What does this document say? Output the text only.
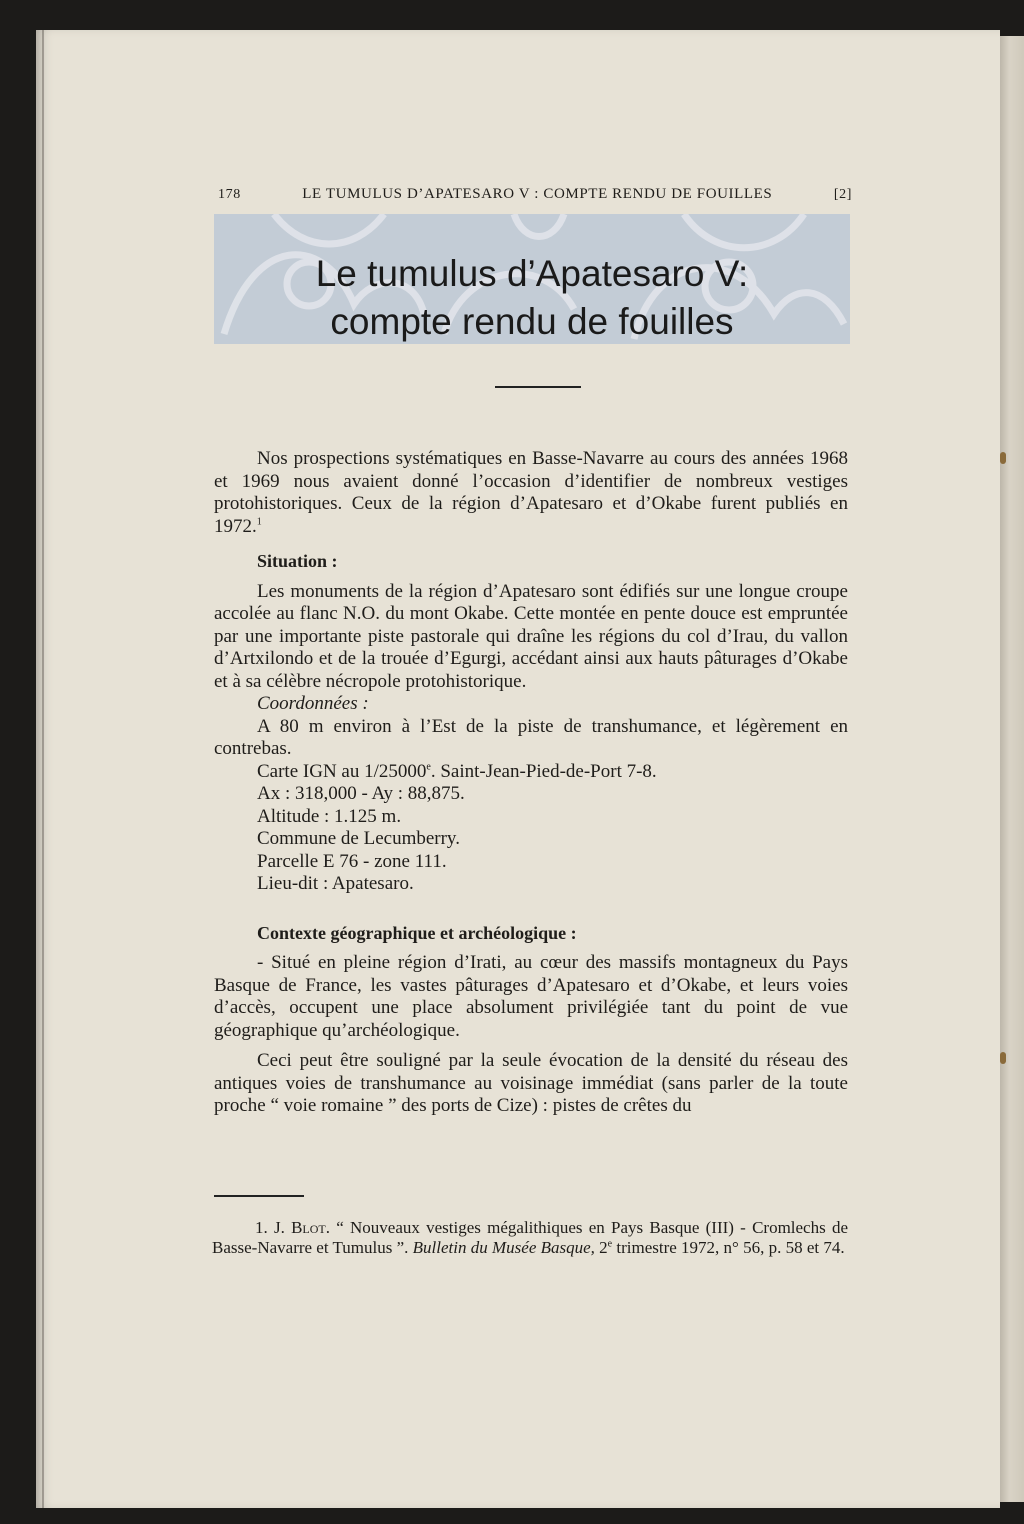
178	LE TUMULUS D’APATESARO V : COMPTE RENDU DE FOUILLES	[2]
Le tumulus d’Apatesaro V:
compte rendu de fouilles

Nos prospections systématiques en Basse-Navarre au cours des années 1968 et 1969 nous avaient donné l’occasion d’identifier de nombreux vestiges protohistoriques. Ceux de la région d’Apatesaro et d’Okabe furent publiés en 1972.$^1$

Situation :

Les monuments de la région d’Apatesaro sont édifiés sur une longue croupe accolée au flanc N.O. du mont Okabe. Cette montée en pente douce est empruntée par une importante piste pastorale qui draîne les régions du col d’Irau, du vallon d’Artxilondo et de la trouée d’Egurgi, accédant ainsi aux hauts pâturages d’Okabe et à sa célèbre nécropole protohistorique.

Coordonnées :

A 80 m environ à l’Est de la piste de transhumance, et légèrement en contrebas.

Carte IGN au 1/25000e. Saint-Jean-Pied-de-Port 7-8.

Ax : 318,000 - Ay : 88,875.

Altitude : 1.125 m.

Commune de Lecumberry.

Parcelle E 76 - zone 111.

Lieu-dit : Apatesaro.

Contexte géographique et archéologique :

- Situé en pleine région d’Irati, au cœur des massifs montagneux du Pays Basque de France, les vastes pâturages d’Apatesaro et d’Okabe, et leurs voies d’accès, occupent une place absolument privilégiée tant du point de vue géographique qu’archéologique.

Ceci peut être souligné par la seule évocation de la densité du réseau des antiques voies de transhumance au voisinage immédiat (sans parler de la toute proche “ voie romaine ” des ports de Cize) : pistes de crêtes du

1. J. Blot. “ Nouveaux vestiges mégalithiques en Pays Basque (III) - Cromlechs de Basse-Navarre et Tumulus ”. Bulletin du Musée Basque, 2e trimestre 1972, n° 56, p. 58 et 74.
